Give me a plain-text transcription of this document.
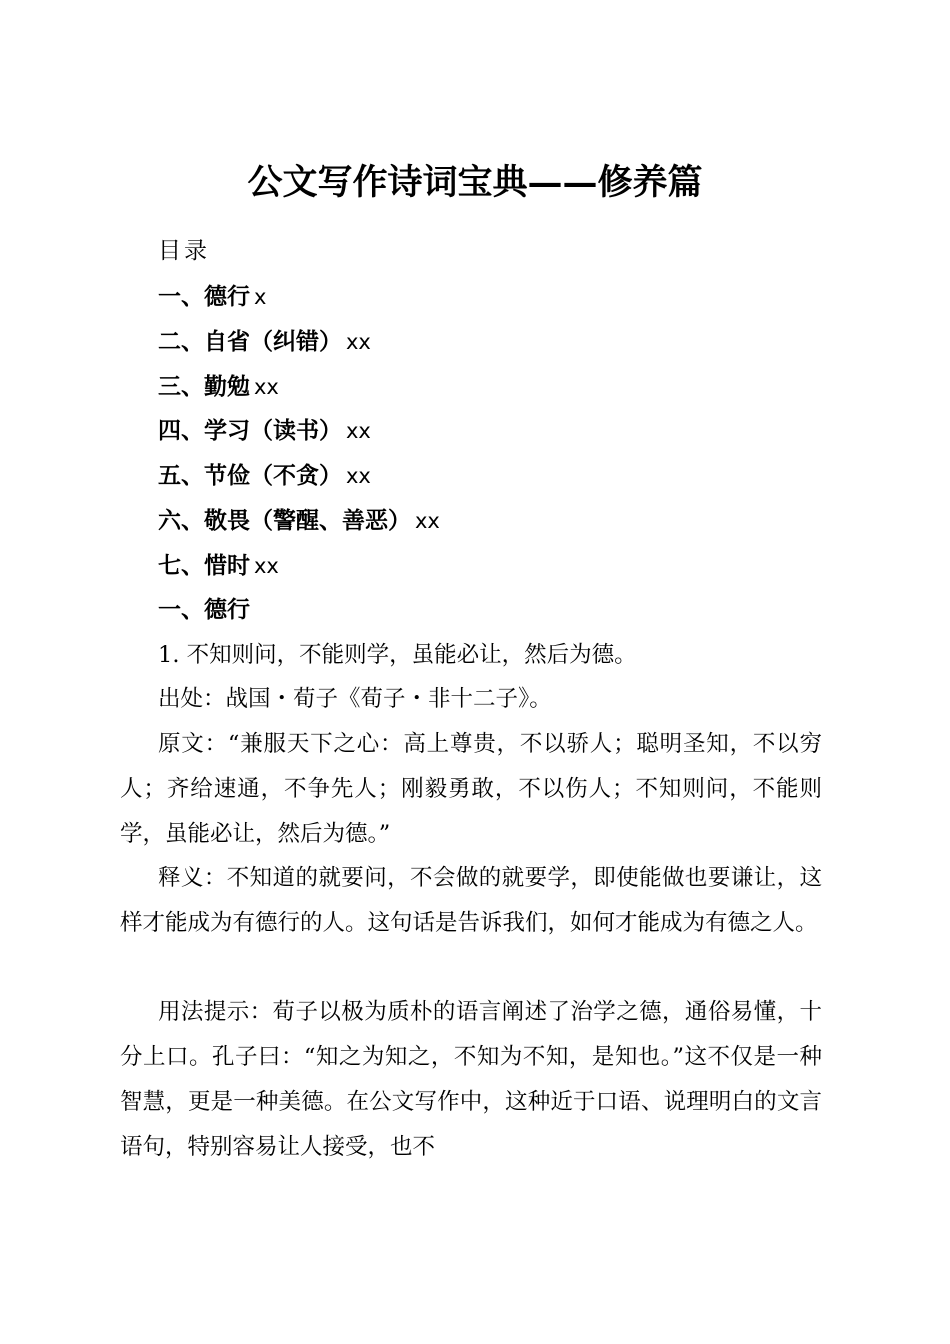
公文写作诗词宝典——修养篇
目录
一、德行 x
二、自省（纠错） xx
三、勤勉 xx
四、学习（读书） xx
五、节俭（不贪） xx
六、敬畏（警醒、善恶） xx
七、惜时 xx
一、德行

1. 不知则问，不能则学，虽能必让，然后为德。

出处：战国・荀子《荀子・非十二子》。

原文：“兼服天下之心：高上尊贵，不以骄人；聪明圣知，不以穷人；齐给速通，不争先人；刚毅勇敢，不以伤人；不知则问，不能则学，虽能必让，然后为德。”

释义：不知道的就要问，不会做的就要学，即使能做也要谦让，这样才能成为有德行的人。这句话是告诉我们，如何才能成为有德之人。

用法提示：荀子以极为质朴的语言阐述了治学之德，通俗易懂，十分上口。孔子曰：“知之为知之，不知为不知，是知也。”这不仅是一种智慧，更是一种美德。在公文写作中，这种近于口语、说理明白的文言语句，特别容易让人接受，也不
